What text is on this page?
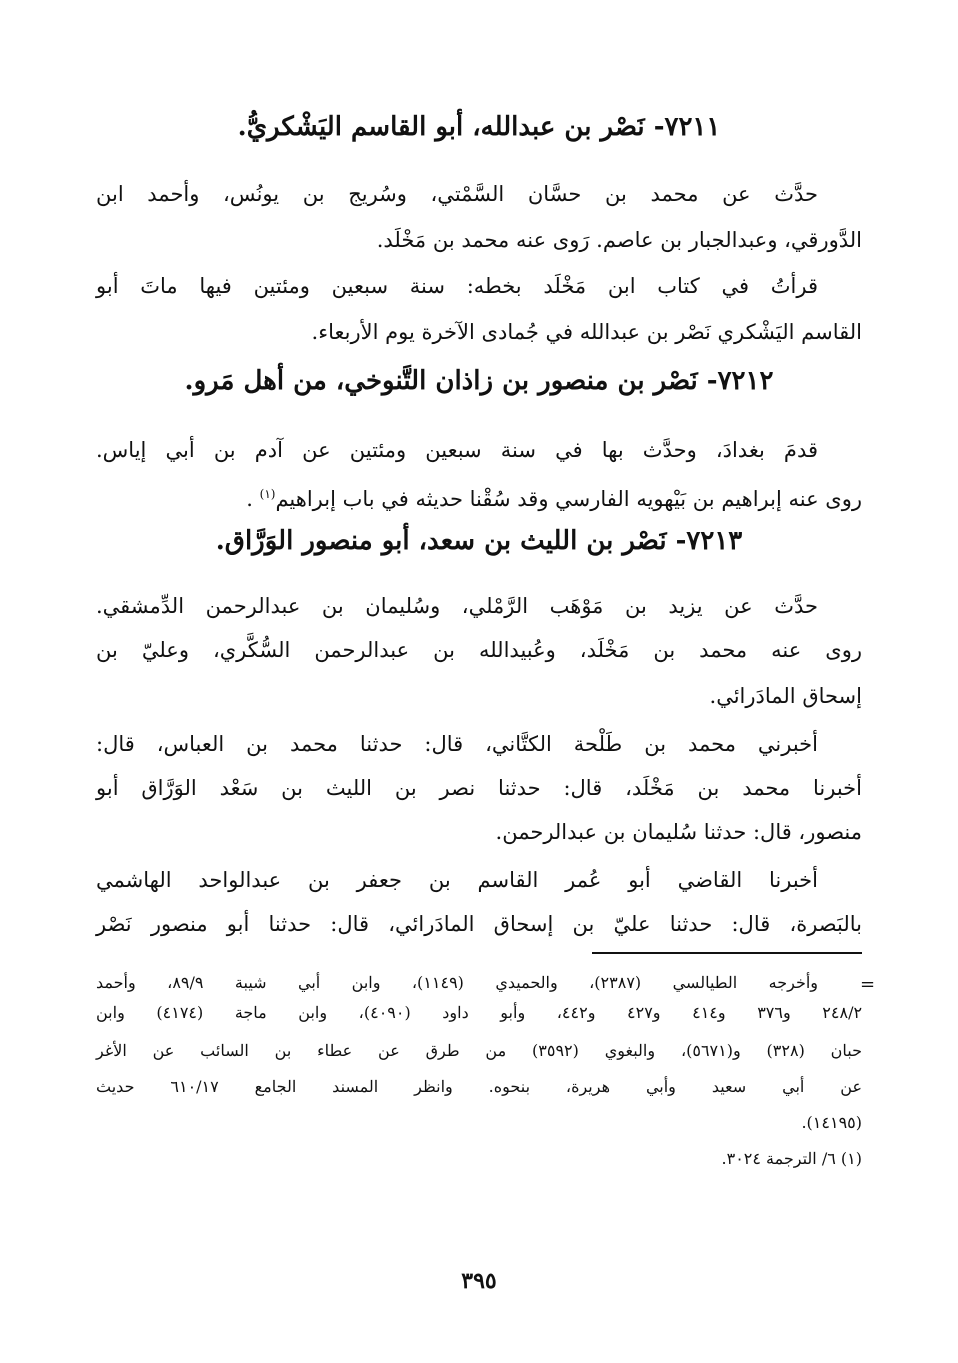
٧٢١١- نَصْر بن عبدالله، أبو القاسم اليَشْكريُّ.
حدَّث عن محمد بن حسَّان السَّمْتي، وسُريج بن يونُس، وأحمد ابن
الدَّورقي، وعبدالجبار بن عاصم. رَوى عنه محمد بن مَخْلَد.
قرأتُ في كتاب ابن مَخْلَد بخطه: سنة سبعين ومئتين فيها ماتَ أبو
القاسم اليَشْكري نَصْر بن عبدالله في جُمادى الآخرة يوم الأربعاء.
٧٢١٢- نَصْر بن منصور بن زاذان التَّنوخي، من أهل مَرو.
قدمَ بغدادَ، وحدَّث بها في سنة سبعين ومئتين عن آدم بن أبي إياس.
روى عنه إبراهيم بن بَيْهويه الفارسي وقد سُقْنا حديثه في باب إبراهيم$^{(١)}$ .
٧٢١٣- نَصْر بن الليث بن سعد، أبو منصور الوَرَّاق.
حدَّث عن يزيد بن مَوْهَب الرَّمْلي، وسُليمان بن عبدالرحمن الدِّمشقي.
روى عنه محمد بن مَخْلَد، وعُبيدالله بن عبدالرحمن السُّكَّري، وعليّ بن
إسحاق المادَرائي.
أخبرني محمد بن طَلْحة الكتَّاني، قال: حدثنا محمد بن العباس، قال:
أخبرنا محمد بن مَخْلَد، قال: حدثنا نصر بن الليث بن سَعْد الوَرَّاق أبو
منصور، قال: حدثنا سُليمان بن عبدالرحمن.
أخبرنا القاضي أبو عُمر القاسم بن جعفر بن عبدالواحد الهاشمي
بالبَصرة، قال: حدثنا عليّ بن إسحاق المادَرائي، قال: حدثنا أبو منصور نَصْر
=
وأخرجه الطيالسي (٢٣٨٧)، والحميدي (١١٤٩)، وابن أبي شيبة ٨٩/٩، وأحمد
٢٤٨/٢ و٣٧٦ و٤١٤ و٤٢٧ و٤٤٢، وأبو داود (٤٠٩٠)، وابن ماجة (٤١٧٤) وابن
حبان (٣٢٨) و(٥٦٧١)، والبغوي (٣٥٩٢) من طرق عن عطاء بن السائب عن الأغر
عن أبي سعيد وأبي هريرة، بنحوه. وانظر المسند الجامع ٦١٠/١٧ حديث
(١٤١٩٥).
(١) ٦/ الترجمة ٣٠٢٤.
٣٩٥
